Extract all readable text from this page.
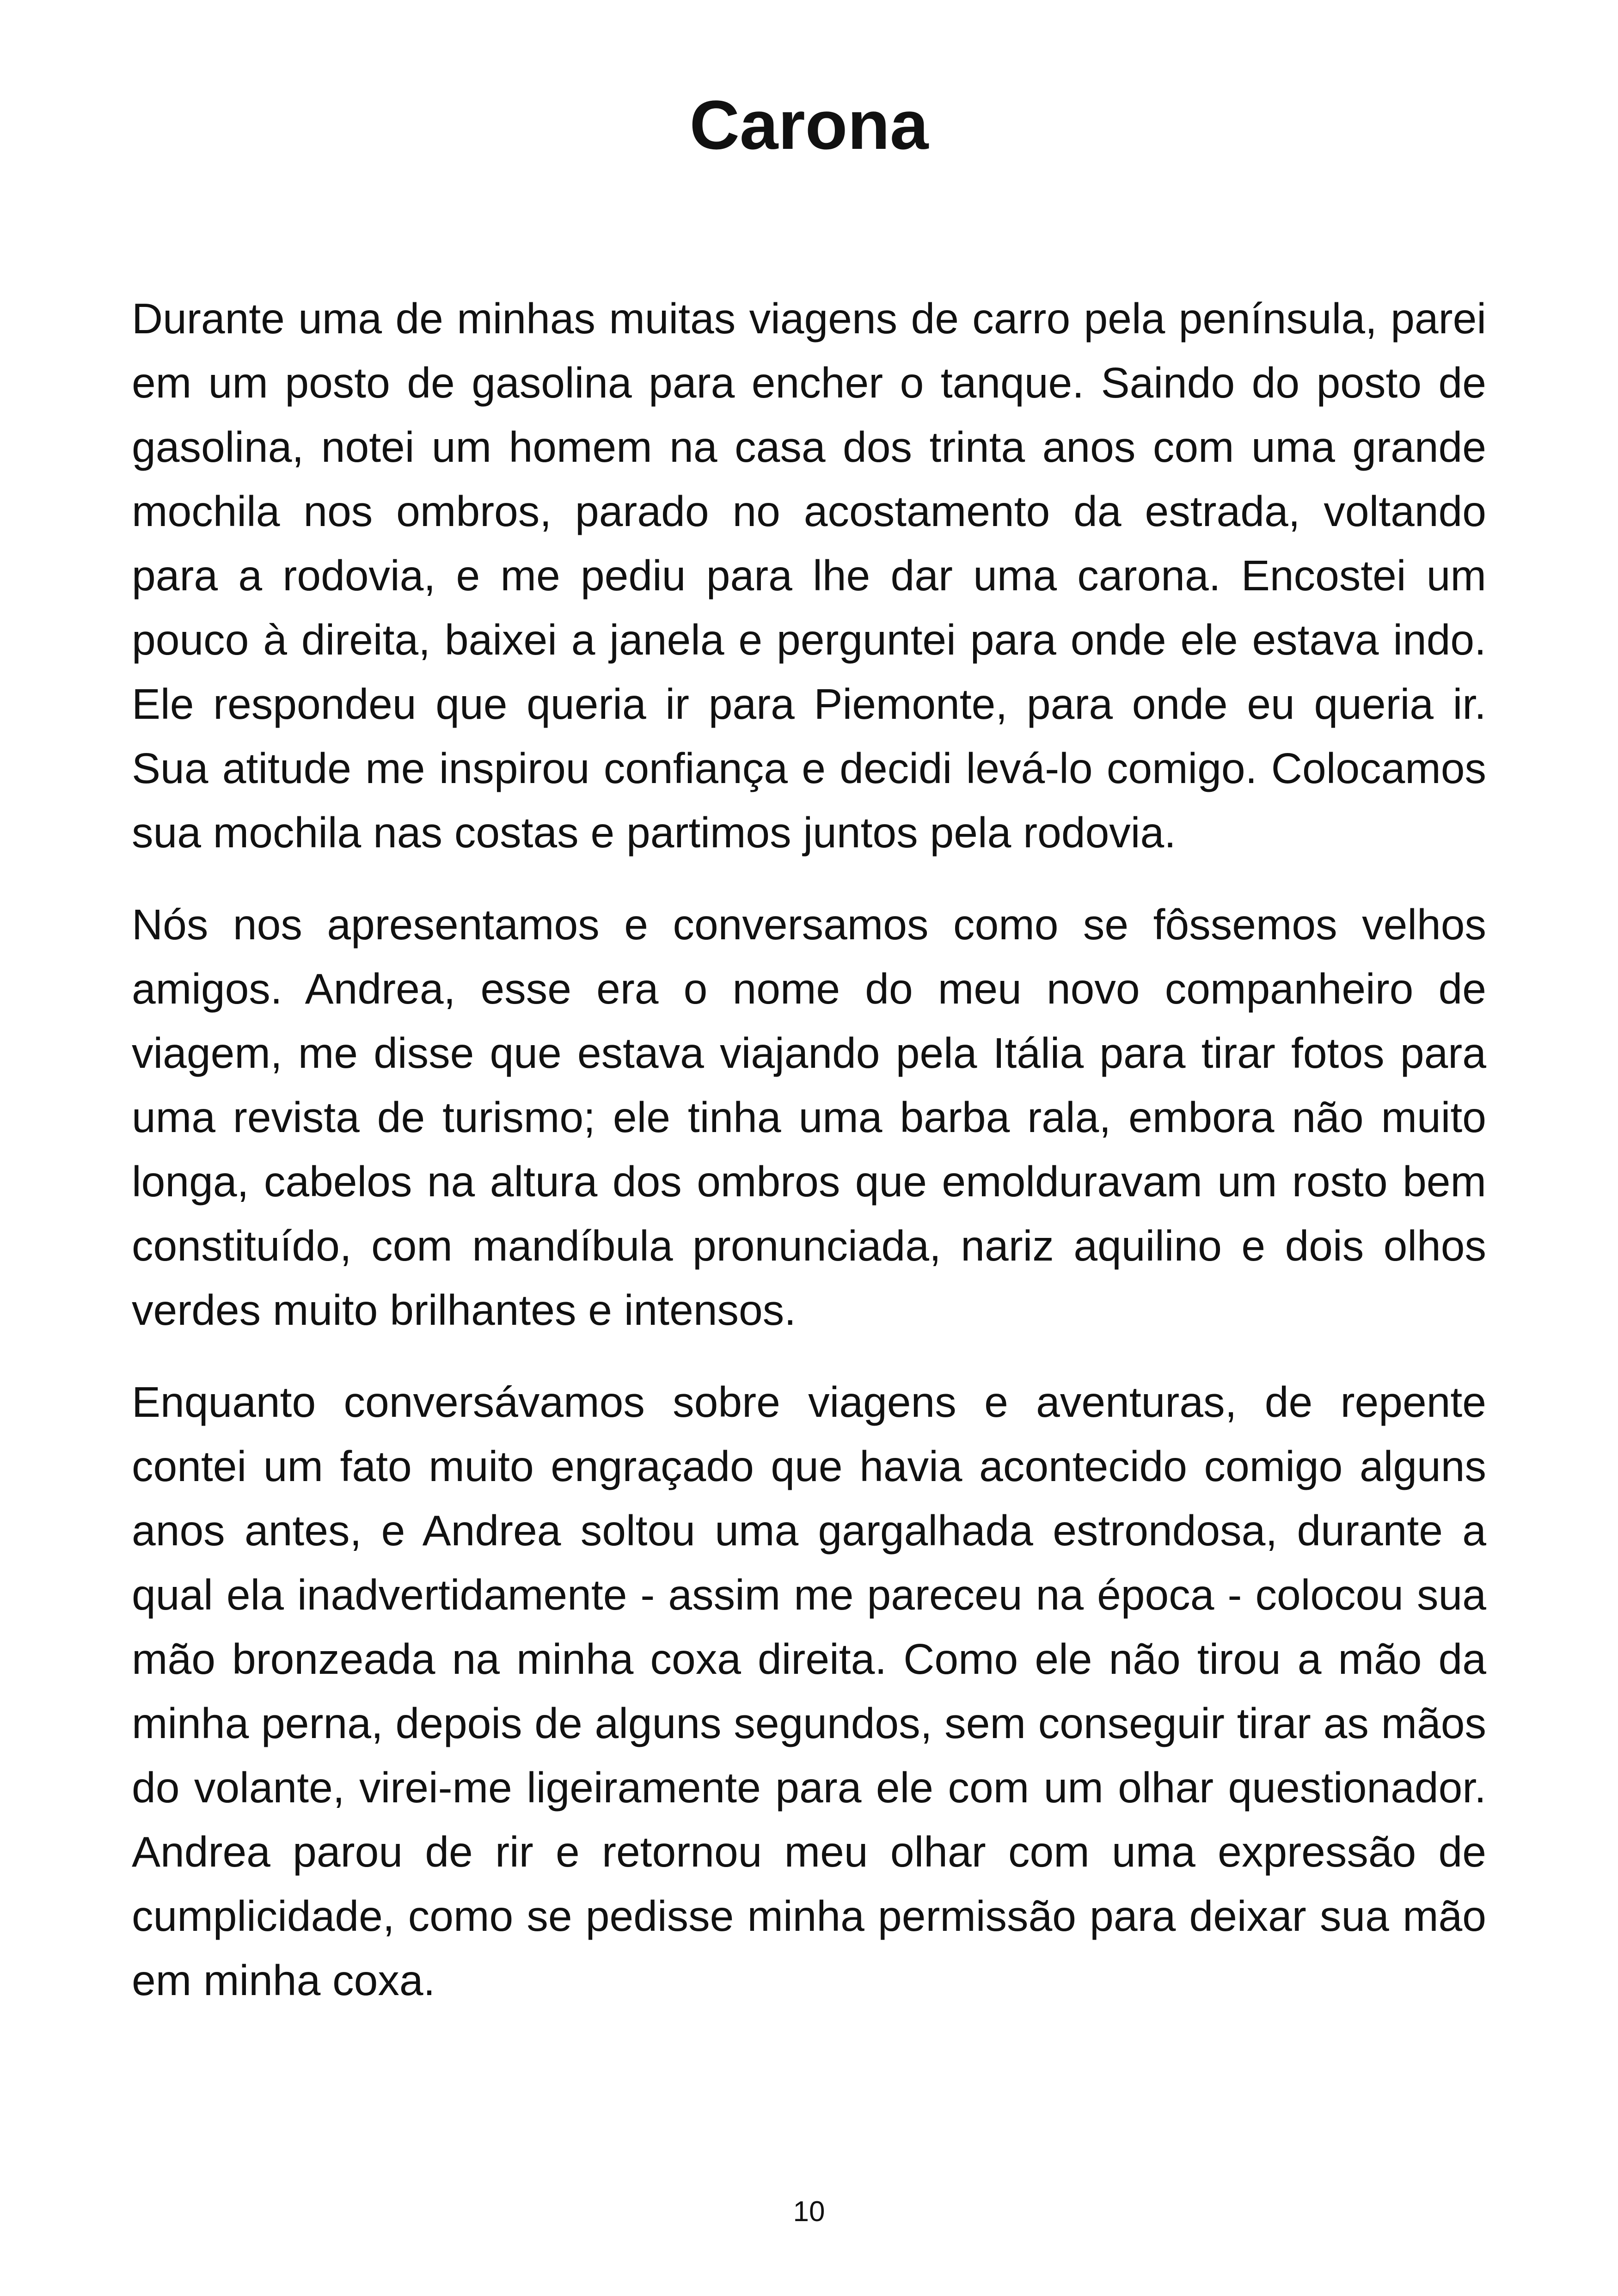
Carona

Durante uma de minhas muitas viagens de carro pela península, parei em um posto de gasolina para encher o tanque. Saindo do posto de gasolina, notei um homem na casa dos trinta anos com uma grande mochila nos ombros, parado no acostamento da estrada, voltando para a rodovia, e me pediu para lhe dar uma carona. Encostei um pouco à direita, baixei a janela e perguntei para onde ele estava indo. Ele respondeu que queria ir para Piemonte, para onde eu queria ir. Sua atitude me inspirou confiança e decidi levá-lo comigo. Colocamos sua mochila nas costas e partimos juntos pela rodovia.

Nós nos apresentamos e conversamos como se fôssemos velhos amigos. Andrea, esse era o nome do meu novo companheiro de viagem, me disse que estava viajando pela Itália para tirar fotos para uma revista de turismo; ele tinha uma barba rala, embora não muito longa, cabelos na altura dos ombros que emolduravam um rosto bem constituído, com mandíbula pronunciada, nariz aquilino e dois olhos verdes muito brilhantes e intensos.

Enquanto conversávamos sobre viagens e aventuras, de repente contei um fato muito engraçado que havia acontecido comigo alguns anos antes, e Andrea soltou uma gargalhada estrondosa, durante a qual ela inadvertidamente - assim me pareceu na época - colocou sua mão bronzeada na minha coxa direita. Como ele não tirou a mão da minha perna, depois de alguns segundos, sem conseguir tirar as mãos do volante, virei-me ligeiramente para ele com um olhar questionador. Andrea parou de rir e retornou meu olhar com uma expressão de cumplicidade, como se pedisse minha permissão para deixar sua mão em minha coxa.

10
